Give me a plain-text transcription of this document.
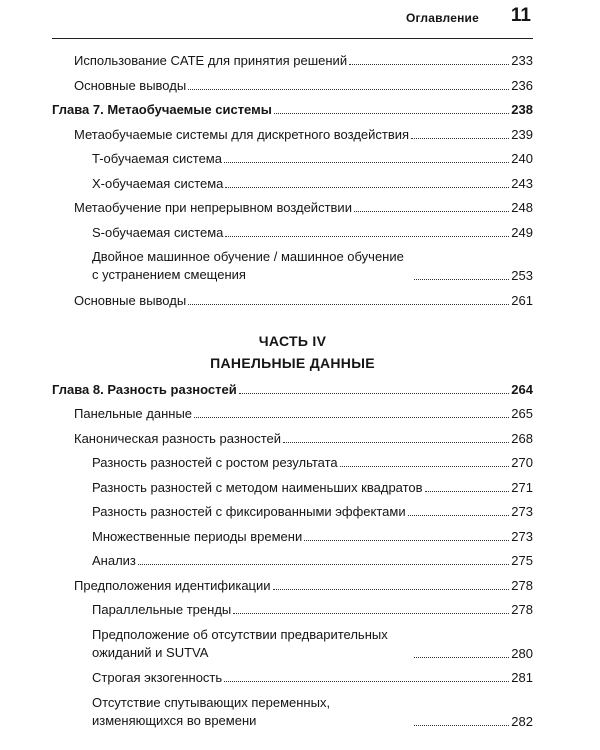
Оглавление 11
Использование CATE для принятия решений	233
Основные выводы	236
Глава 7. Метаобучаемые системы	238
Метаобучаемые системы для дискретного воздействия	239
T-обучаемая система	240
X-обучаемая система	243
Метаобучение при непрерывном воздействии	248
S-обучаемая система	249
Двойное машинное обучение / машинное обучение с устранением смещения	253
Основные выводы	261
ЧАСТЬ IV
ПАНЕЛЬНЫЕ ДАННЫЕ
Глава 8. Разность разностей	264
Панельные данные	265
Каноническая разность разностей	268
Разность разностей с ростом результата	270
Разность разностей с методом наименьших квадратов	271
Разность разностей с фиксированными эффектами	273
Множественные периоды времени	273
Анализ	275
Предположения идентификации	278
Параллельные тренды	278
Предположение об отсутствии предварительных ожиданий и SUTVA	280
Строгая экзогенность	281
Отсутствие спутывающих переменных, изменяющихся во времени	282
